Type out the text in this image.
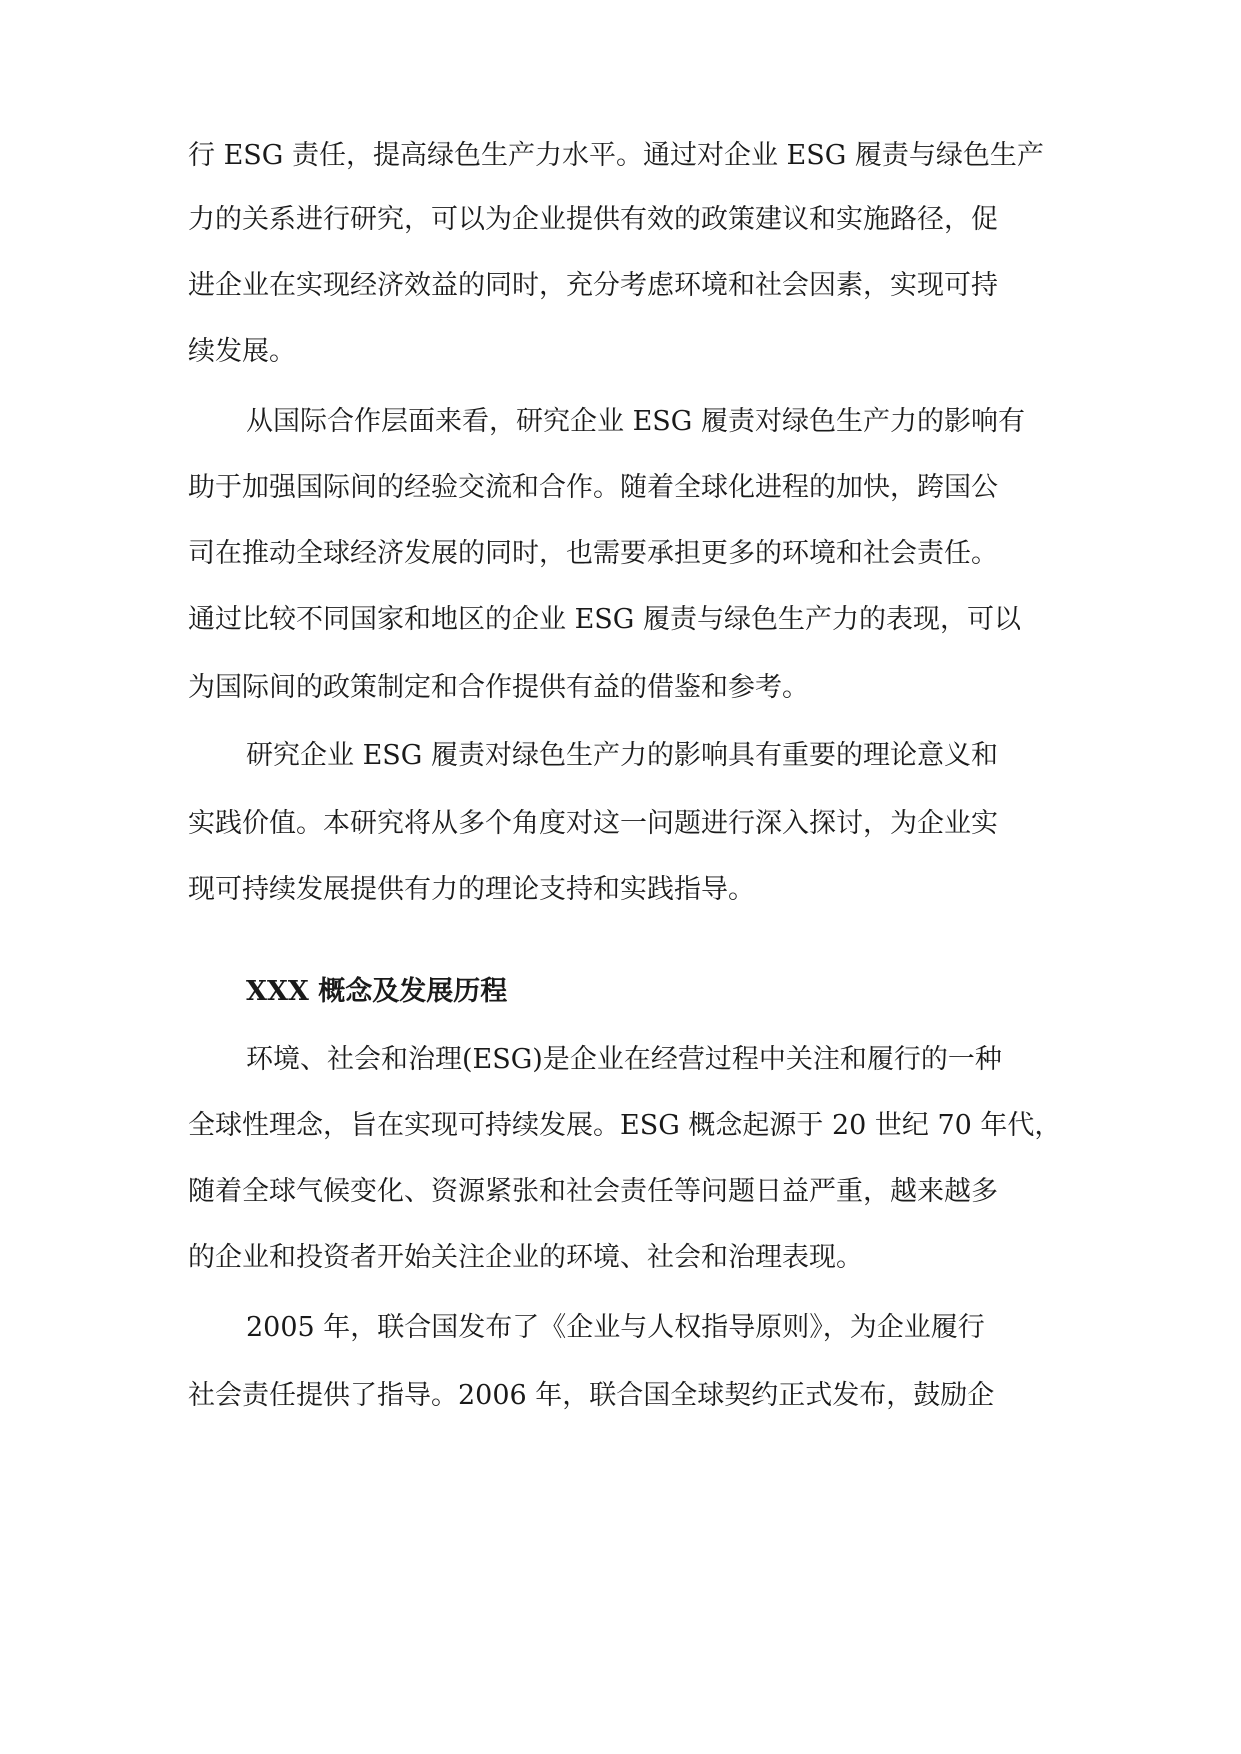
行 ESG 责任，提高绿色生产力水平。通过对企业 ESG 履责与绿色生产
力的关系进行研究，可以为企业提供有效的政策建议和实施路径，促
进企业在实现经济效益的同时，充分考虑环境和社会因素，实现可持
续发展。
从国际合作层面来看，研究企业 ESG 履责对绿色生产力的影响有
助于加强国际间的经验交流和合作。随着全球化进程的加快，跨国公
司在推动全球经济发展的同时，也需要承担更多的环境和社会责任。
通过比较不同国家和地区的企业 ESG 履责与绿色生产力的表现，可以
为国际间的政策制定和合作提供有益的借鉴和参考。
研究企业 ESG 履责对绿色生产力的影响具有重要的理论意义和
实践价值。本研究将从多个角度对这一问题进行深入探讨，为企业实
现可持续发展提供有力的理论支持和实践指导。
XXX 概念及发展历程
环境、社会和治理(ESG)是企业在经营过程中关注和履行的一种
全球性理念，旨在实现可持续发展。ESG 概念起源于 20 世纪 70 年代，
随着全球气候变化、资源紧张和社会责任等问题日益严重，越来越多
的企业和投资者开始关注企业的环境、社会和治理表现。
2005 年，联合国发布了《企业与人权指导原则》，为企业履行
社会责任提供了指导。2006 年，联合国全球契约正式发布，鼓励企
